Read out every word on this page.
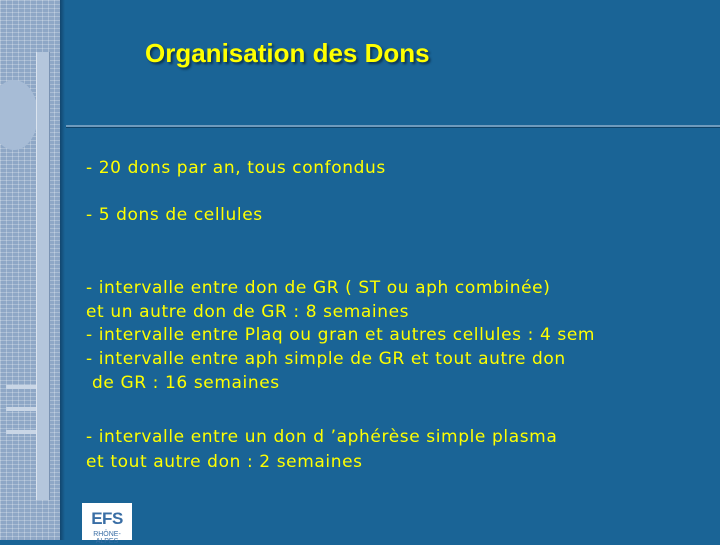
Organisation des Dons

- 20 dons par an, tous confondus

- 5 dons de cellules

- intervalle entre don de GR ( ST ou aph combinée)

et un autre don de GR : 8 semaines

- intervalle entre Plaq ou gran et autres cellules : 4 sem

- intervalle entre aph simple de GR et tout autre don

de GR : 16 semaines

- intervalle entre un don d ’aphérèse simple plasma

et tout autre don : 2 semaines

EFS
RHÔNE-ALPES
